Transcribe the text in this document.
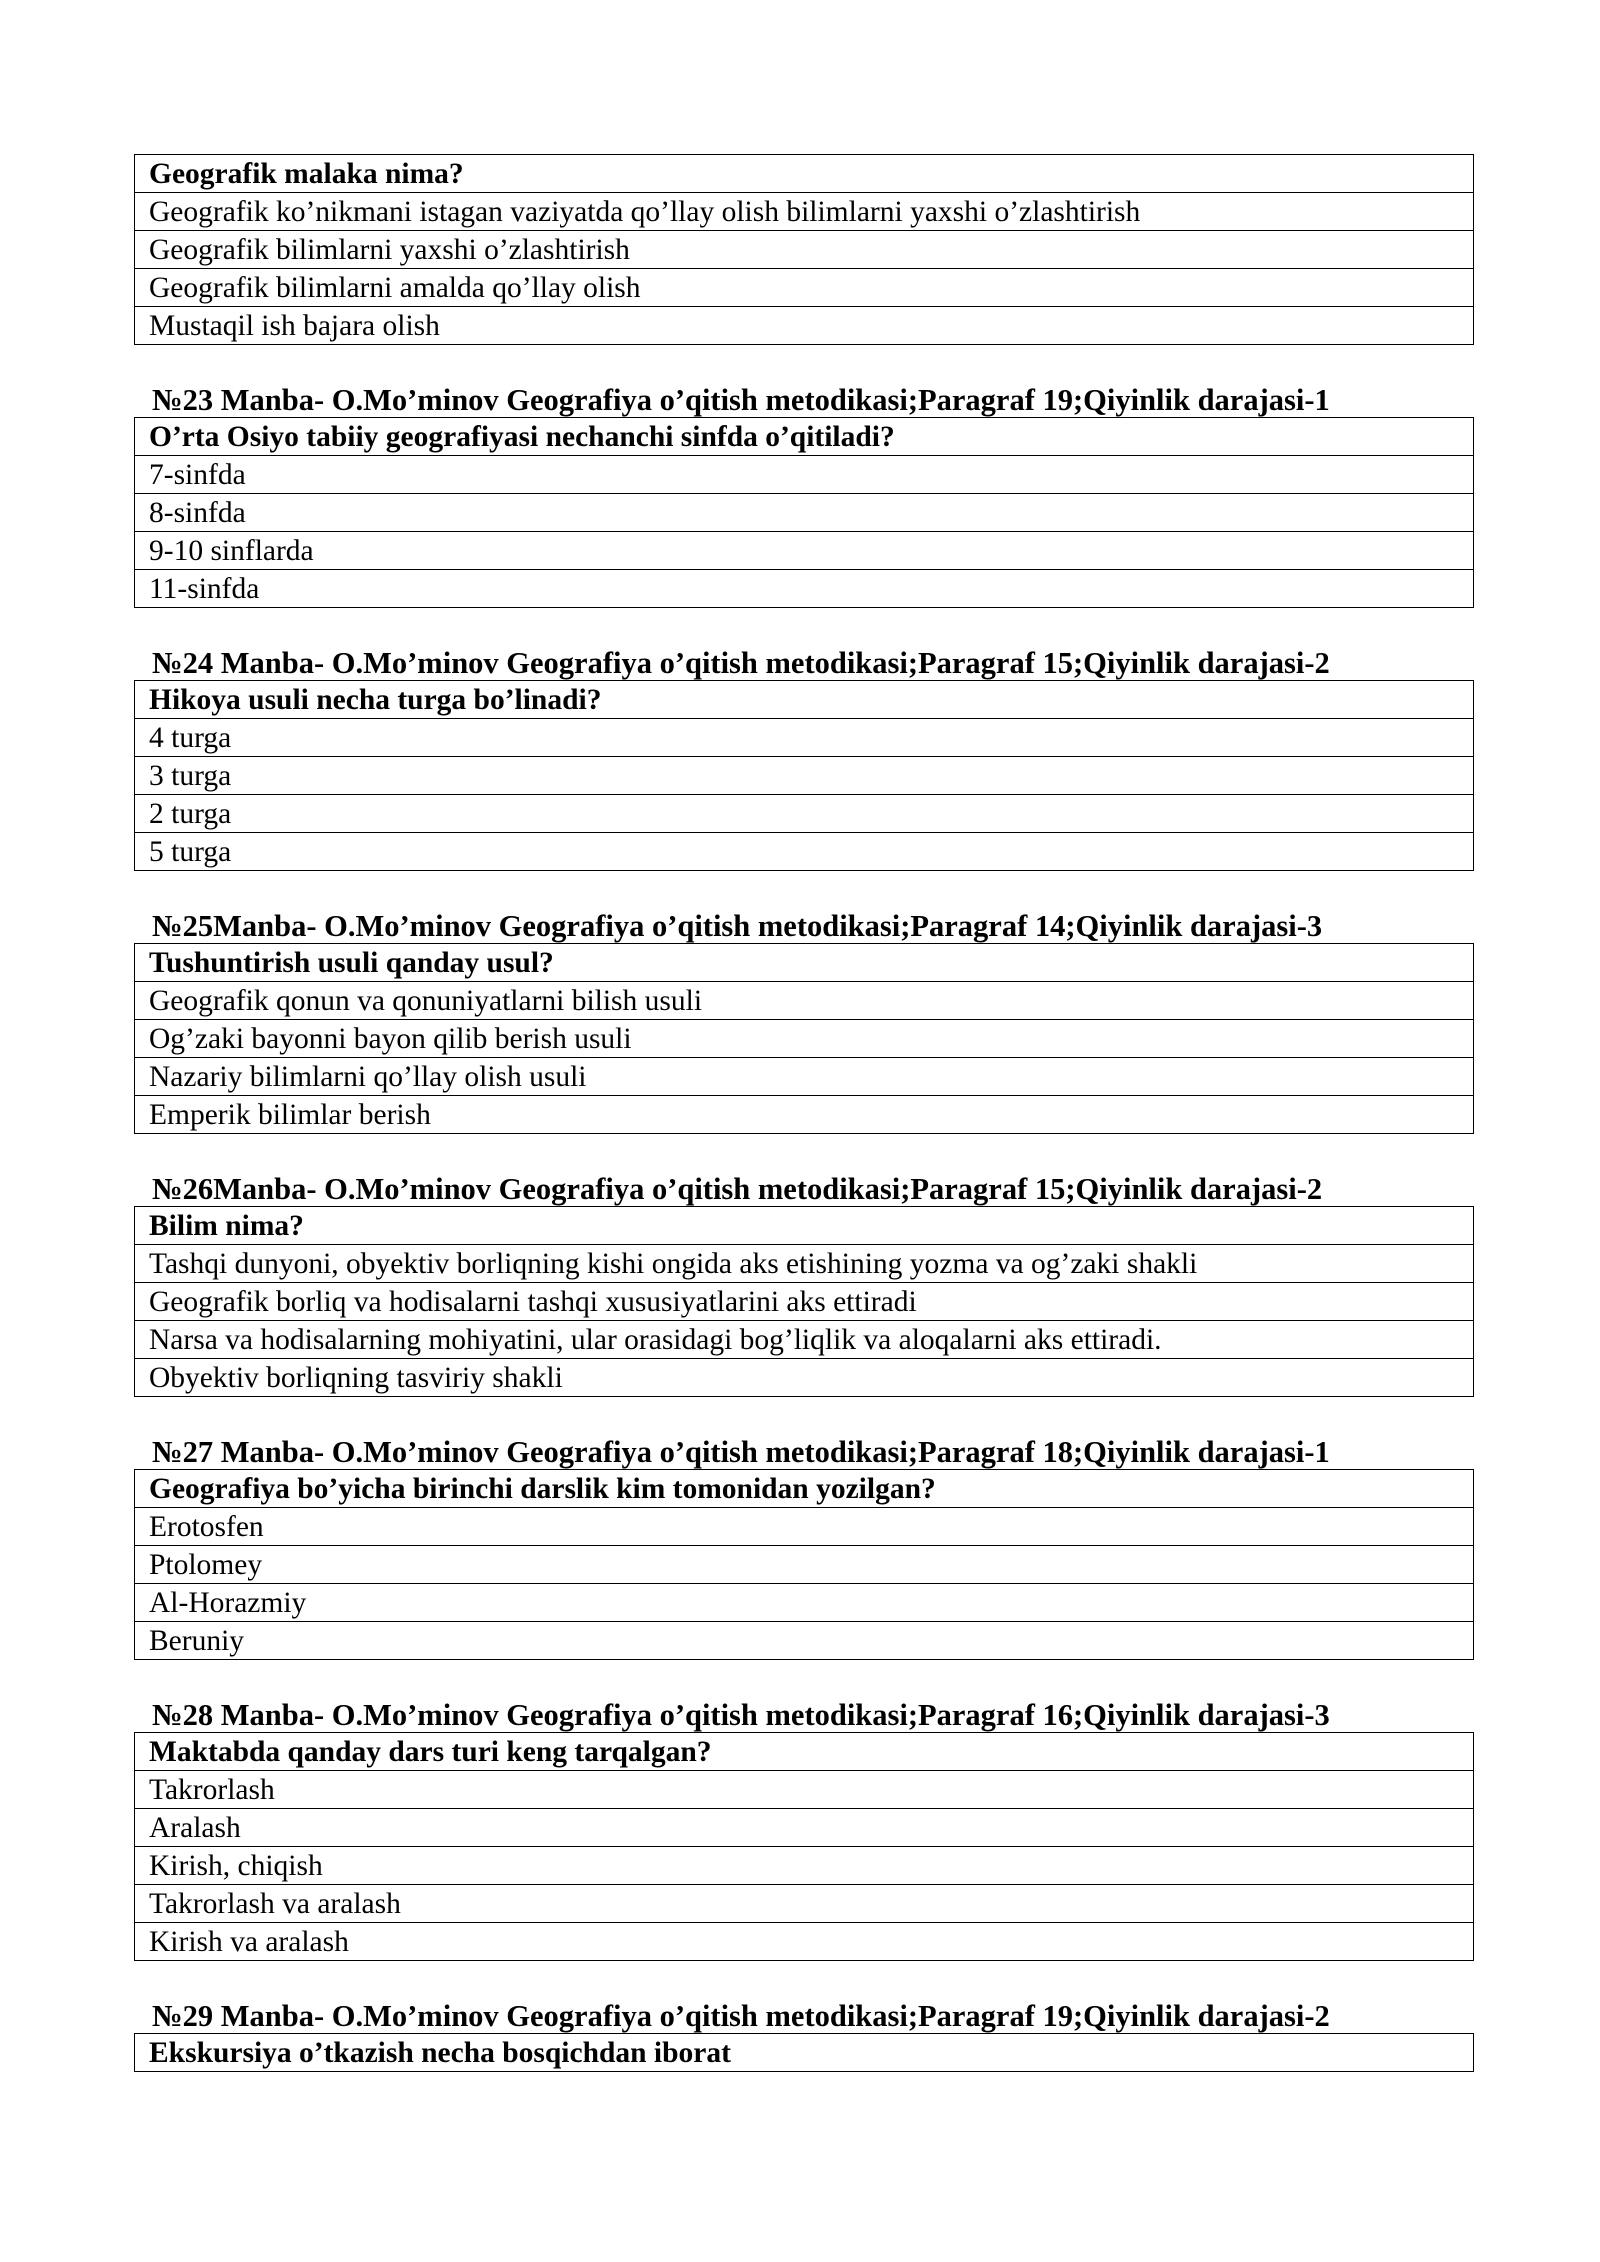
Geografik malaka nima?
Geografik ko’nikmani istagan vaziyatda qo’llay olish bilimlarni yaxshi o’zlashtirish
Geografik bilimlarni yaxshi o’zlashtirish
Geografik bilimlarni amalda qo’llay olish
Mustaqil ish bajara olish
№23 Manba- O.Mo’minov Geografiya o’qitish metodikasi;Paragraf 19;Qiyinlik darajasi-1
O’rta Osiyo tabiiy geografiyasi nechanchi sinfda o’qitiladi?
7-sinfda
8-sinfda
9-10 sinflarda
11-sinfda
№24 Manba- O.Mo’minov Geografiya o’qitish metodikasi;Paragraf 15;Qiyinlik darajasi-2
Hikoya usuli necha turga bo’linadi?
4 turga
3 turga
2 turga
5 turga
№25Manba- O.Mo’minov Geografiya o’qitish metodikasi;Paragraf 14;Qiyinlik darajasi-3
Tushuntirish usuli qanday usul?
Geografik qonun va qonuniyatlarni bilish usuli
Og’zaki bayonni bayon qilib berish usuli
Nazariy bilimlarni qo’llay olish usuli
Emperik bilimlar berish
№26Manba- O.Mo’minov Geografiya o’qitish metodikasi;Paragraf 15;Qiyinlik darajasi-2
Bilim nima?
Tashqi dunyoni, obyektiv borliqning kishi ongida aks etishining yozma va og’zaki shakli
Geografik borliq va hodisalarni tashqi xususiyatlarini aks ettiradi
Narsa va hodisalarning mohiyatini, ular orasidagi bog’liqlik va aloqalarni aks ettiradi.
Obyektiv borliqning tasviriy shakli
№27 Manba- O.Mo’minov Geografiya o’qitish metodikasi;Paragraf 18;Qiyinlik darajasi-1
Geografiya bo’yicha birinchi darslik kim tomonidan yozilgan?
Erotosfen
Ptolomey
Al-Horazmiy
Beruniy
№28 Manba- O.Mo’minov Geografiya o’qitish metodikasi;Paragraf 16;Qiyinlik darajasi-3
Maktabda qanday dars turi keng tarqalgan?
Takrorlash
Aralash
Kirish, chiqish
Takrorlash va aralash
Kirish va aralash
№29 Manba- O.Mo’minov Geografiya o’qitish metodikasi;Paragraf 19;Qiyinlik darajasi-2
Ekskursiya o’tkazish necha bosqichdan iborat
